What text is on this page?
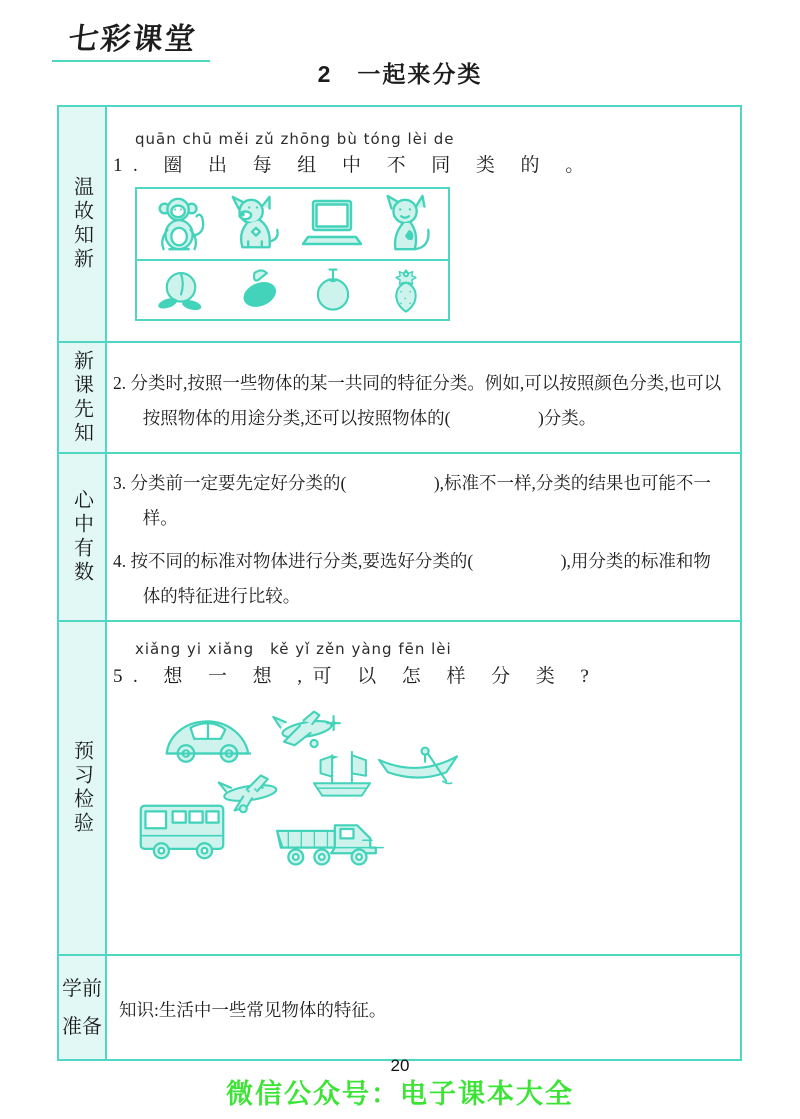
七彩课堂
2　一起来分类
温故知新
quān chū měi zǔ zhōng bù tóng lèi de
1. 圈 出 每 组 中 不 同 类 的 。
新课先知 2. 分类时,按照一些物体的某一共同的特征分类。例如,可以按照颜色分类,也可以按照物体的用途分类,还可以按照物体的(　　　　　)分类。
心中有数
3. 分类前一定要先定好分类的(　　　　　),标准不一样,分类的结果也可能不一样。
4. 按不同的标准对物体进行分类,要选好分类的(　　　　　),用分类的标准和物体的特征进行比较。
预习检验
xiǎng yi xiǎng　kě yǐ zěn yàng fēn lèi
5. 想 一 想 ,可 以 怎 样 分 类 ?
学前准备
知识:生活中一些常见物体的特征。
20
微信公众号：电子课本大全
